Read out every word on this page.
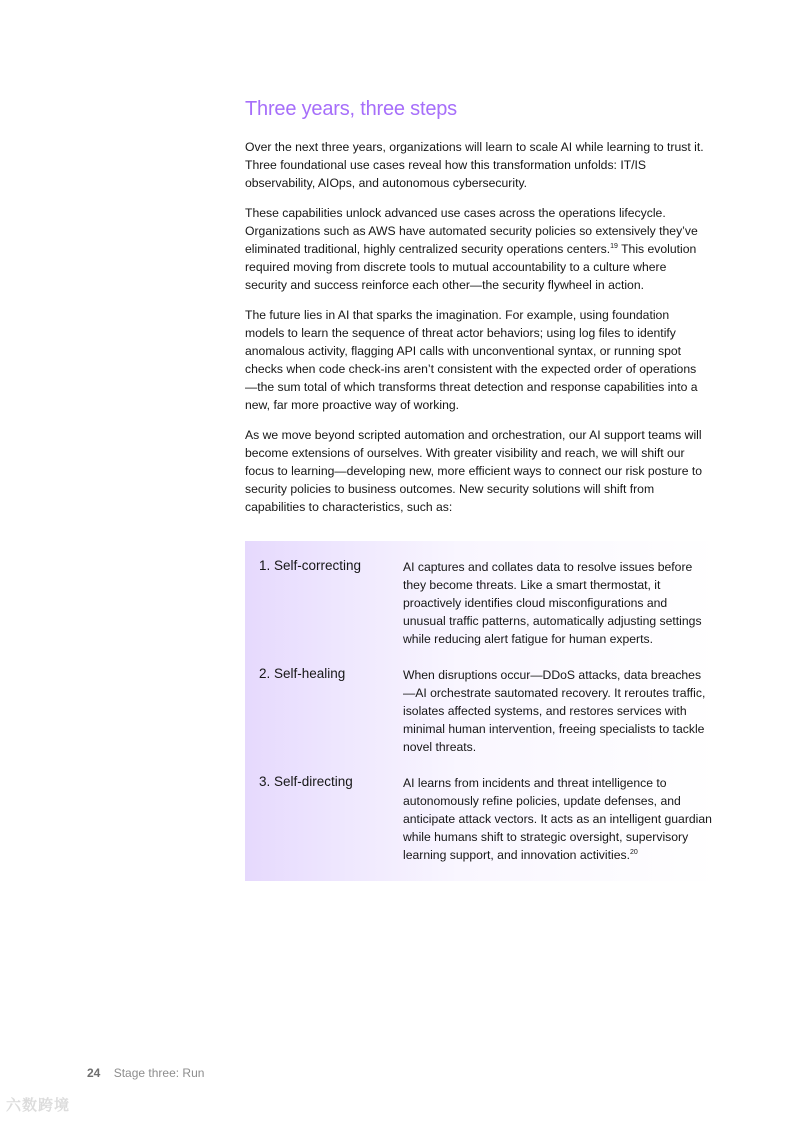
Three years, three steps

Over the next three years, organizations will learn to scale AI while learning to trust it. Three foundational use cases reveal how this transformation unfolds: IT/IS observability, AIOps, and autonomous cybersecurity.

These capabilities unlock advanced use cases across the operations lifecycle. Organizations such as AWS have automated security policies so extensively they’ve eliminated traditional, highly centralized security operations centers.$^{19}$ This evolution required moving from discrete tools to mutual accountability to a culture where security and success reinforce each other—the security flywheel in action.

The future lies in AI that sparks the imagination. For example, using foundation models to learn the sequence of threat actor behaviors; using log files to identify anomalous activity, flagging API calls with unconventional syntax, or running spot checks when code check-ins aren’t consistent with the expected order of operations —the sum total of which transforms threat detection and response capabilities into a new, far more proactive way of working.

As we move beyond scripted automation and orchestration, our AI support teams will become extensions of ourselves. With greater visibility and reach, we will shift our focus to learning—developing new, more efficient ways to connect our risk posture to security policies to business outcomes. New security solutions will shift from capabilities to characteristics, such as:

1. Self-correcting	AI captures and collates data to resolve issues before they become threats. Like a smart thermostat, it proactively identifies cloud misconfigurations and unusual traffic patterns, automatically adjusting settings while reducing alert fatigue for human experts.

2. Self-healing	When disruptions occur—DDoS attacks, data breaches—AI orchestrate sautomated recovery. It reroutes traffic, isolates affected systems, and restores services with minimal human intervention, freeing specialists to tackle novel threats.

3. Self-directing	AI learns from incidents and threat intelligence to autonomously refine policies, update defenses, and anticipate attack vectors. It acts as an intelligent guardian while humans shift to strategic oversight, supervisory learning support, and innovation activities.$^{20}$

24 Stage three: Run
六数跨境
